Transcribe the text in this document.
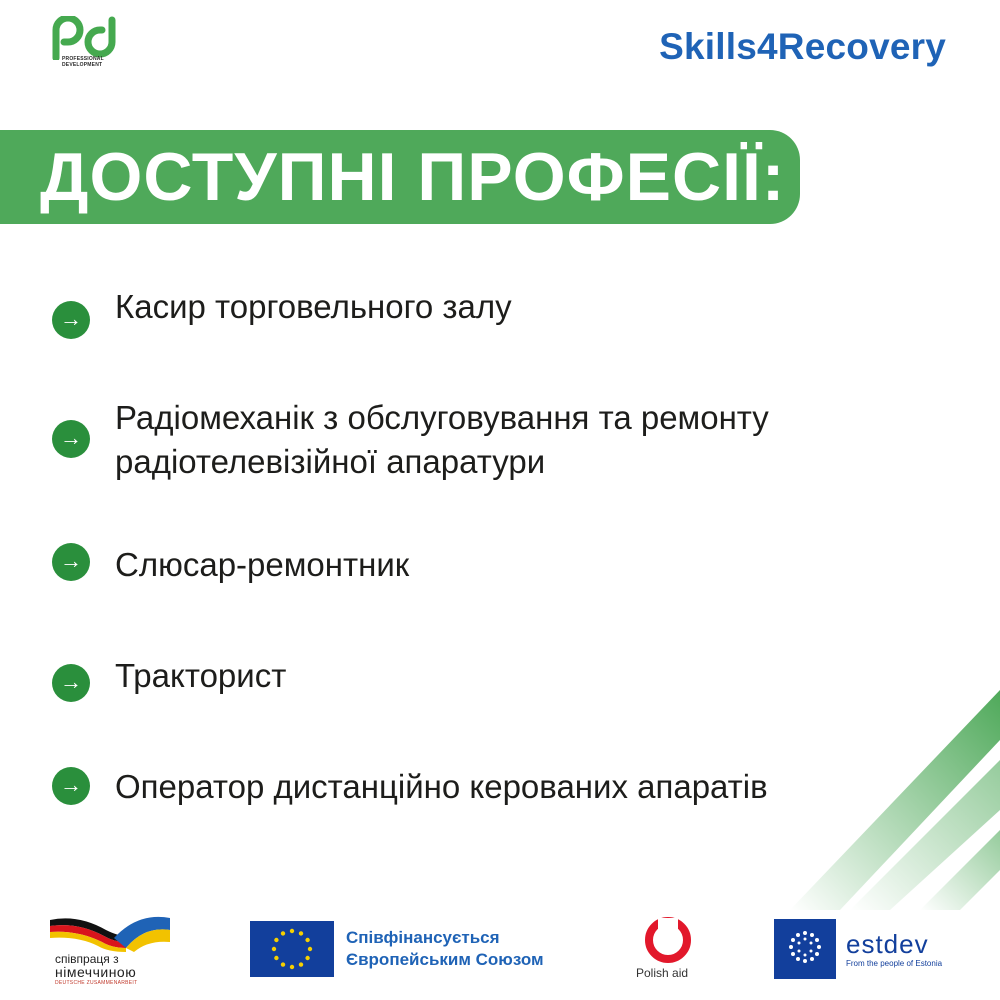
PROFESSIONAL
DEVELOPMENT	Skills4Recovery
ДОСТУПНІ ПРОФЕСІЇ:
→ Касир торговельного залу
→
Радіомеханік з обслуговування та ремонту
радіотелевізійної апаратури
→ Слюсар-ремонтник
→ Тракторист
→ Оператор дистанційно керованих апаратів
співпраця з
німеччиною
DEUTSCHE ZUSAMMENARBEIT
Співфінансується
Європейським Союзом
Polish aid
estdev
From the people of Estonia
